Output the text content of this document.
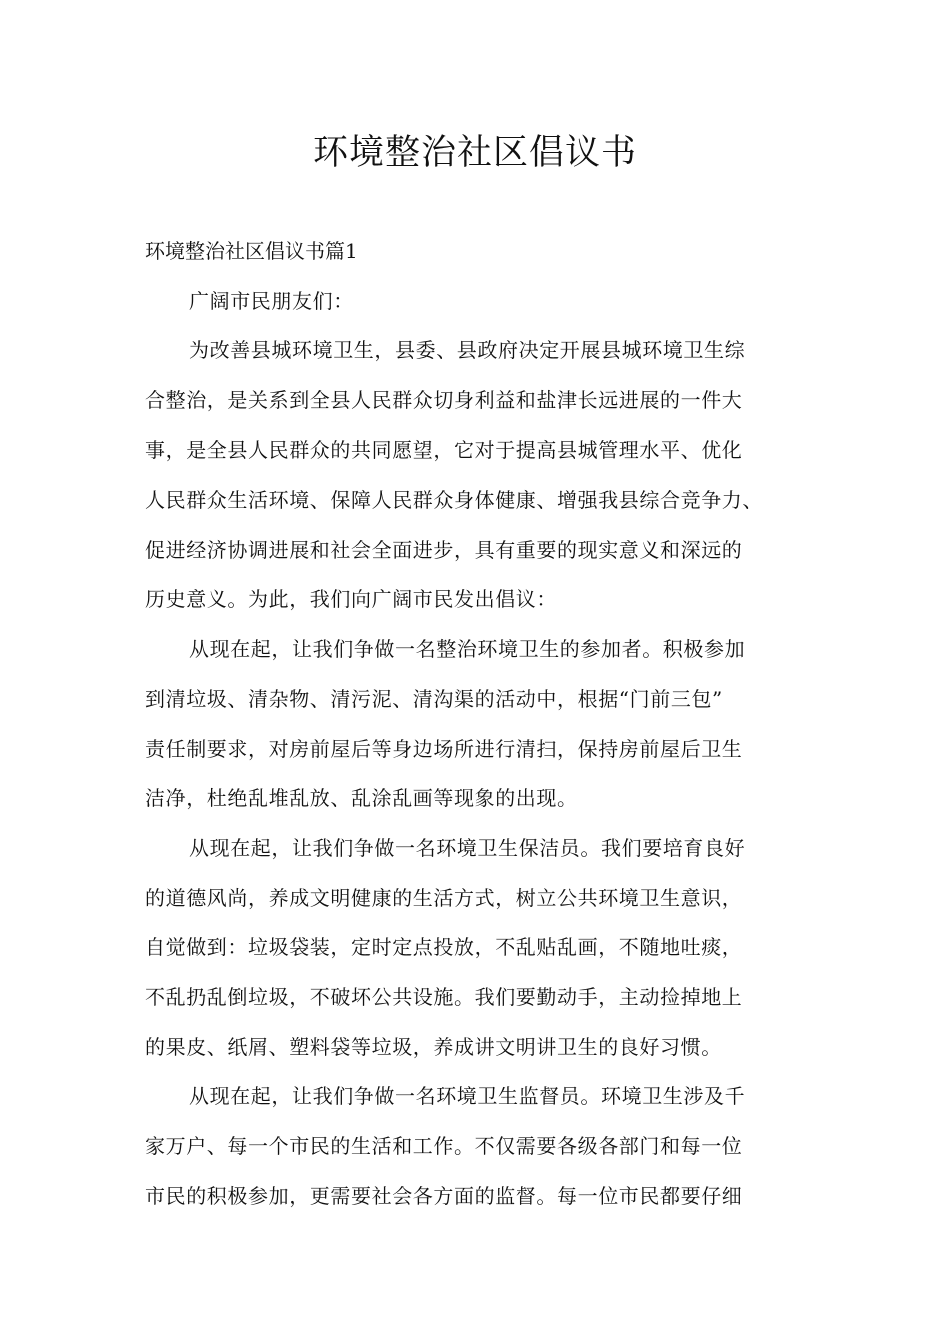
环境整治社区倡议书
环境整治社区倡议书篇1
广阔市民朋友们：
为改善县城环境卫生，县委、县政府决定开展县城环境卫生综
合整治，是关系到全县人民群众切身利益和盐津长远进展的一件大
事，是全县人民群众的共同愿望，它对于提高县城管理水平、优化
人民群众生活环境、保障人民群众身体健康、增强我县综合竞争力、
促进经济协调进展和社会全面进步，具有重要的现实意义和深远的
历史意义。为此，我们向广阔市民发出倡议：
从现在起，让我们争做一名整治环境卫生的参加者。积极参加
到清垃圾、清杂物、清污泥、清沟渠的活动中，根据“门前三包”
责任制要求，对房前屋后等身边场所进行清扫，保持房前屋后卫生
洁净，杜绝乱堆乱放、乱涂乱画等现象的出现。
从现在起，让我们争做一名环境卫生保洁员。我们要培育良好
的道德风尚，养成文明健康的生活方式，树立公共环境卫生意识，
自觉做到：垃圾袋装，定时定点投放，不乱贴乱画，不随地吐痰，
不乱扔乱倒垃圾，不破坏公共设施。我们要勤动手，主动捡掉地上
的果皮、纸屑、塑料袋等垃圾，养成讲文明讲卫生的良好习惯。
从现在起，让我们争做一名环境卫生监督员。环境卫生涉及千
家万户、每一个市民的生活和工作。不仅需要各级各部门和每一位
市民的积极参加，更需要社会各方面的监督。每一位市民都要仔细
